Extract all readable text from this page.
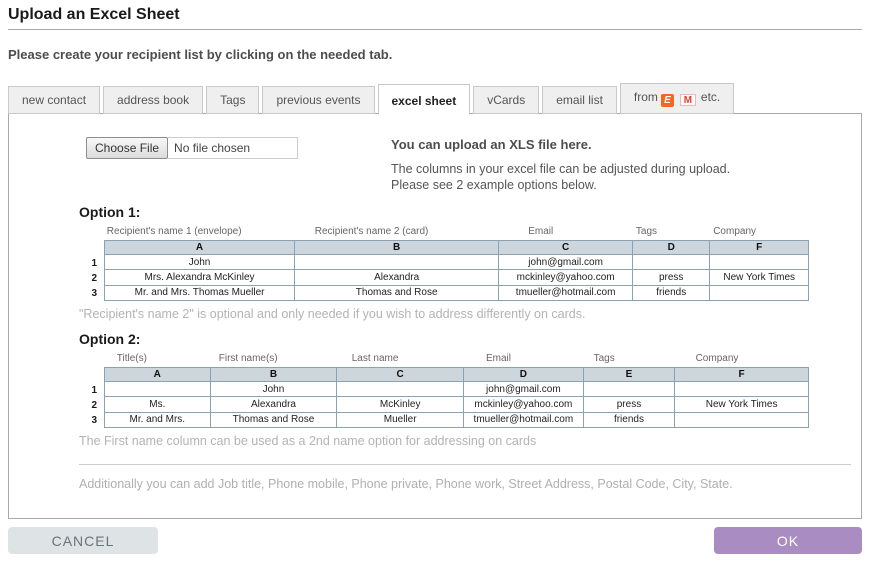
Upload an Excel Sheet

Please create your recipient list by clicking on the needed tab.

new contact	address book	Tags	previous events	excel sheet	vCards	email list	from E M etc.
Choose File	No file chosen	You can upload an XLS file here.

The columns in your excel file can be adjusted during upload.

Please see 2 example options below.

Option 1:
Recipient's name 1 (envelope)	Recipient's name 2 (card)	Email	Tags	Company
1
2
3
A	B	C	D	F
John		john@gmail.com		
Mrs. Alexandra McKinley	Alexandra	mckinley@yahoo.com	press	New York Times
Mr. and Mrs. Thomas Mueller	Thomas and Rose	tmueller@hotmail.com	friends	
"Recipient's name 2" is optional and only needed if you wish to address differently on cards.
Option 2:
Title(s)	First name(s)	Last name	Email	Tags	Company
1
2
3
A	B	C	D	E	F
	John		john@gmail.com		
Ms.	Alexandra	McKinley	mckinley@yahoo.com	press	New York Times
Mr. and Mrs.	Thomas and Rose	Mueller	tmueller@hotmail.com	friends	
The First name column can be used as a 2nd name option for addressing on cards

Additionally you can add Job title, Phone mobile, Phone private, Phone work, Street Address, Postal Code, City, State.

CANCEL	OK
